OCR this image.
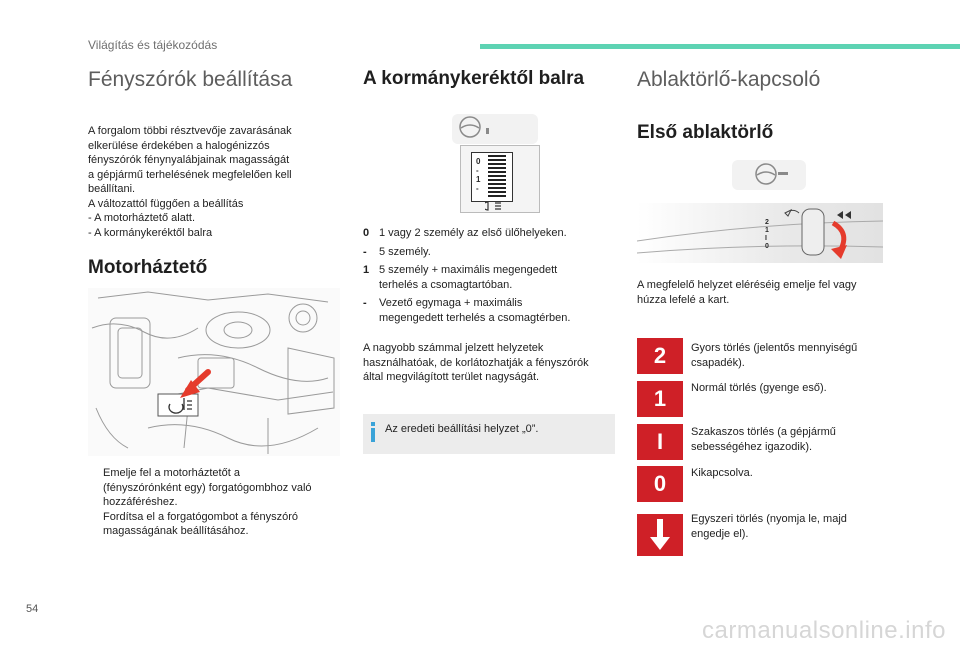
Világítás és tájékozódás
Fényszórók beállítása
A forgalom többi résztvevője zavarásának
elkerülése érdekében a halogénizzós
fényszórók fénynyalábjainak magasságát
a gépjármű terhelésének megfelelően kell
beállítani.
A változattól függően a beállítás
- A motorháztető alatt.
- A kormánykeréktől balra
Motorháztető
Emelje fel a motorháztetőt a
(fényszórónként egy) forgatógombhoz való
hozzáféréshez.
Fordítsa el a forgatógombot a fényszóró
magasságának beállításához.
A kormánykeréktől balra
0
-
1
-
0 1 vagy 2 személy az első ülőhelyeken.
- 5 személy.
1 5 személy + maximális megengedett
terhelés a csomagtartóban.
- Vezető egymaga + maximális
megengedett terhelés a csomagtérben.
A nagyobb számmal jelzett helyzetek
használhatóak, de korlátozhatják a fényszórók
által megvilágított terület nagyságát.
Az eredeti beállítási helyzet „0”.
Ablaktörlő-kapcsoló
Első ablaktörlő
2
1
I
0
A megfelelő helyzet eléréséig emelje fel vagy
húzza lefelé a kart.
2	Gyors törlés (jelentős mennyiségű
csapadék).
1	Normál törlés (gyenge eső).
I	Szakaszos törlés (a gépjármű
sebességéhez igazodik).
0	Kikapcsolva.
Egyszeri törlés (nyomja le, majd
engedje el).
54
carmanualsonline.info
